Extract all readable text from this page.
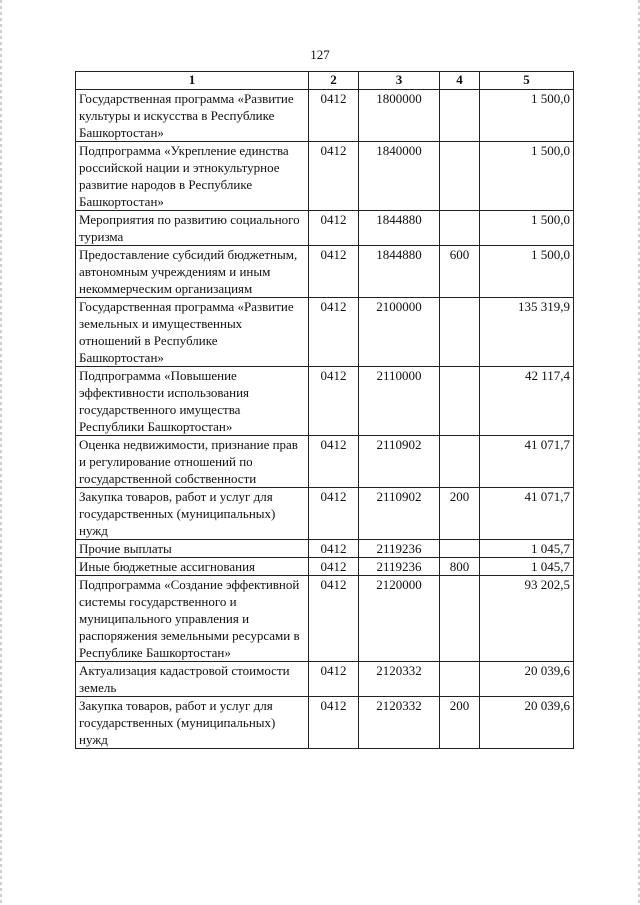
127
1	2	3	4	5
Государственная программа «Развитие культуры и искусства в Республике Башкортостан»	0412	1800000		1 500,0
Подпрограмма «Укрепление единства российской нации и этнокультурное развитие народов в Республике Башкортостан»	0412	1840000		1 500,0
Мероприятия по развитию социального туризма	0412	1844880		1 500,0
Предоставление субсидий бюджетным, автономным учреждениям и иным некоммерческим организациям	0412	1844880	600	1 500,0
Государственная программа «Развитие земельных и имущественных отношений в Республике Башкортостан»	0412	2100000		135 319,9
Подпрограмма «Повышение эффективности использования государственного имущества Республики Башкортостан»	0412	2110000		42 117,4
Оценка недвижимости, признание прав и регулирование отношений по государственной собственности	0412	2110902		41 071,7
Закупка товаров, работ и услуг для государственных (муниципальных) нужд	0412	2110902	200	41 071,7
Прочие выплаты	0412	2119236		1 045,7
Иные бюджетные ассигнования	0412	2119236	800	1 045,7
Подпрограмма «Создание эффективной системы государственного и муниципального управления и распоряжения земельными ресурсами в Республике Башкортостан»	0412	2120000		93 202,5
Актуализация кадастровой стоимости земель	0412	2120332		20 039,6
Закупка товаров, работ и услуг для государственных (муниципальных) нужд	0412	2120332	200	20 039,6
